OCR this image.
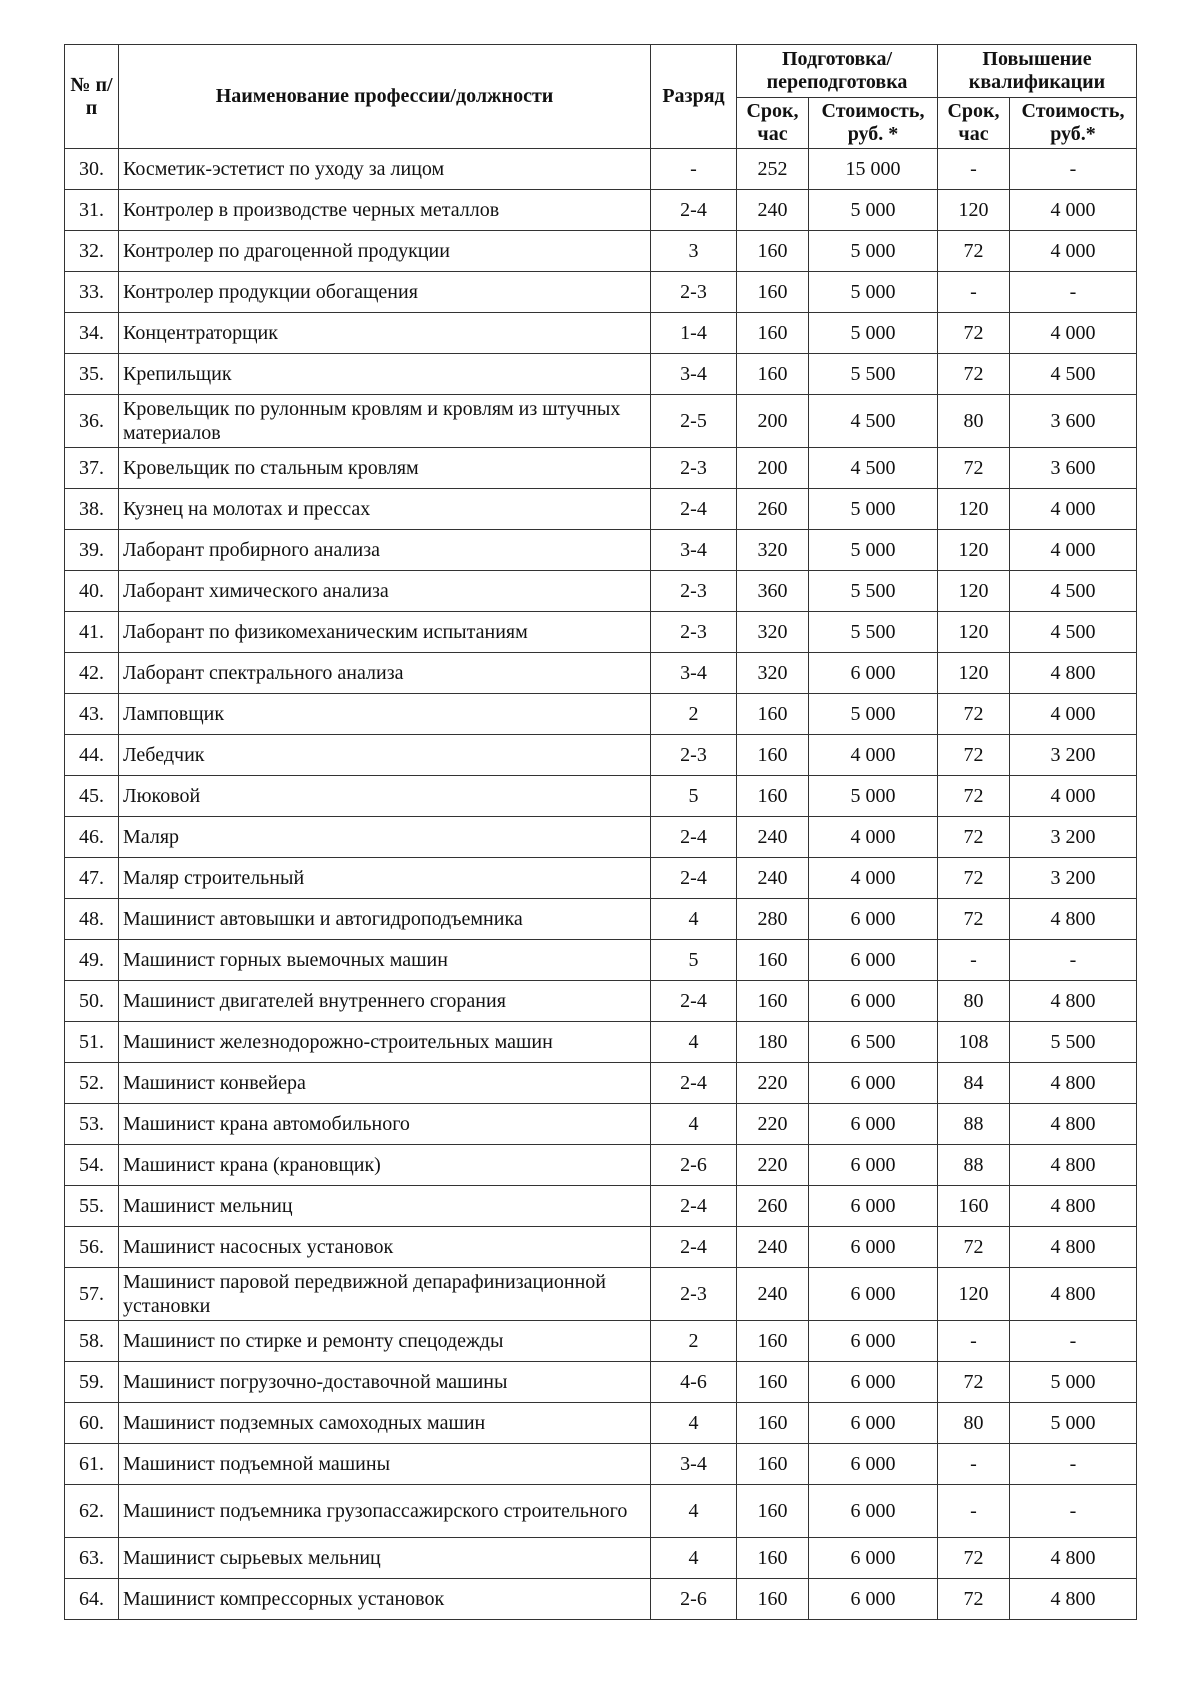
№ п/п	Наименование профессии/должности	Разряд	Подготовка/ переподготовка		Повышение квалификации	
			Срок, час	Стоимость, руб. *	Срок, час	Стоимость, руб.*
30.	Косметик-эстетист по уходу за лицом	-	252	15 000	-	-
31.	Контролер в производстве черных металлов	2-4	240	5 000	120	4 000
32.	Контролер по драгоценной продукции	3	160	5 000	72	4 000
33.	Контролер продукции обогащения	2-3	160	5 000	-	-
34.	Концентраторщик	1-4	160	5 000	72	4 000
35.	Крепильщик	3-4	160	5 500	72	4 500
36.	Кровельщик по рулонным кровлям и кровлям из штучных материалов	2-5	200	4 500	80	3 600
37.	Кровельщик по стальным кровлям	2-3	200	4 500	72	3 600
38.	Кузнец на молотах и прессах	2-4	260	5 000	120	4 000
39.	Лаборант пробирного анализа	3-4	320	5 000	120	4 000
40.	Лаборант химического анализа	2-3	360	5 500	120	4 500
41.	Лаборант по физикомеханическим испытаниям	2-3	320	5 500	120	4 500
42.	Лаборант спектрального анализа	3-4	320	6 000	120	4 800
43.	Ламповщик	2	160	5 000	72	4 000
44.	Лебедчик	2-3	160	4 000	72	3 200
45.	Люковой	5	160	5 000	72	4 000
46.	Маляр	2-4	240	4 000	72	3 200
47.	Маляр строительный	2-4	240	4 000	72	3 200
48.	Машинист автовышки и автогидроподъемника	4	280	6 000	72	4 800
49.	Машинист горных выемочных машин	5	160	6 000	-	-
50.	Машинист двигателей внутреннего сгорания	2-4	160	6 000	80	4 800
51.	Машинист железнодорожно-строительных машин	4	180	6 500	108	5 500
52.	Машинист конвейера	2-4	220	6 000	84	4 800
53.	Машинист крана автомобильного	4	220	6 000	88	4 800
54.	Машинист крана (крановщик)	2-6	220	6 000	88	4 800
55.	Машинист мельниц	2-4	260	6 000	160	4 800
56.	Машинист насосных установок	2-4	240	6 000	72	4 800
57.	Машинист паровой передвижной депарафинизационной установки	2-3	240	6 000	120	4 800
58.	Машинист по стирке и ремонту спецодежды	2	160	6 000	-	-
59.	Машинист погрузочно-доставочной машины	4-6	160	6 000	72	5 000
60.	Машинист подземных самоходных машин	4	160	6 000	80	5 000
61.	Машинист подъемной машины	3-4	160	6 000	-	-
62.	Машинист подъемника грузопассажирского строительного	4	160	6 000	-	-
63.	Машинист сырьевых мельниц	4	160	6 000	72	4 800
64.	Машинист компрессорных установок	2-6	160	6 000	72	4 800
